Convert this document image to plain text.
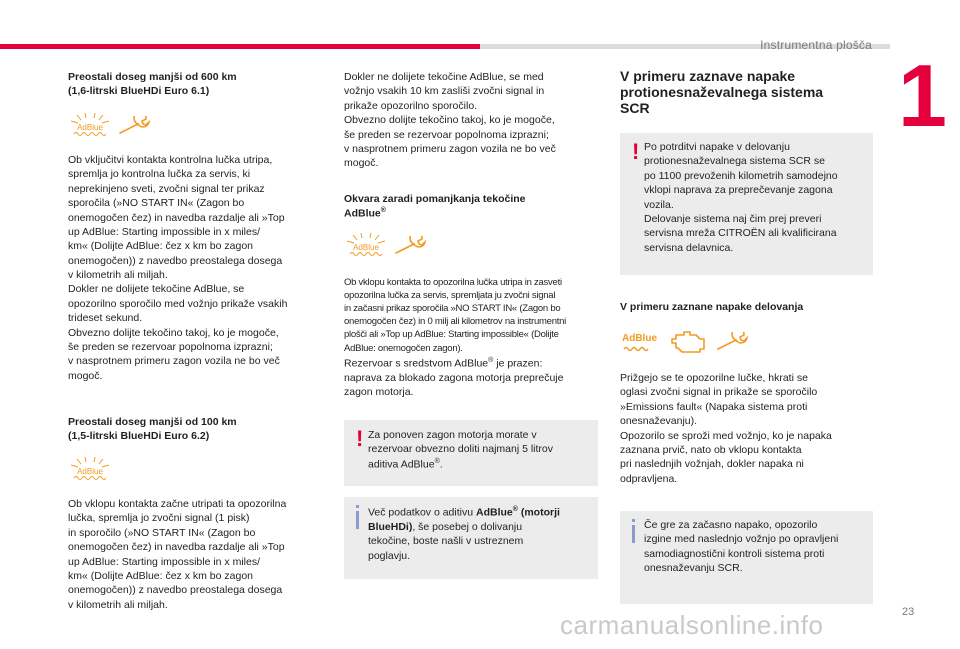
Instrumentna plošča
1
Preostali doseg manjši od 600 km
(1,6-litrski BlueHDi Euro 6.1)
AdBlue
Ob vključitvi kontakta kontrolna lučka utripa,
spremlja jo kontrolna lučka za servis, ki
neprekinjeno sveti, zvočni signal ter prikaz
sporočila (»NO START IN« (Zagon bo
onemogočen čez) in navedba razdalje ali »Top
up AdBlue: Starting impossible in x miles/
km« (Dolijte AdBlue: čez x km bo zagon
onemogočen)) z navedbo preostalega dosega
v kilometrih ali miljah.
Dokler ne dolijete tekočine AdBlue, se
opozorilno sporočilo med vožnjo prikaže vsakih
trideset sekund.
Obvezno dolijte tekočino takoj, ko je mogoče,
še preden se rezervoar popolnoma izprazni;
v nasprotnem primeru zagon vozila ne bo več
mogoč.
Preostali doseg manjši od 100 km
(1,5-litrski BlueHDi Euro 6.2)
AdBlue
Ob vklopu kontakta začne utripati ta opozorilna
lučka, spremlja jo zvočni signal (1 pisk)
in sporočilo (»NO START IN« (Zagon bo
onemogočen čez) in navedba razdalje ali »Top
up AdBlue: Starting impossible in x miles/
km« (Dolijte AdBlue: čez x km bo zagon
onemogočen)) z navedbo preostalega dosega
v kilometrih ali miljah.
Dokler ne dolijete tekočine AdBlue, se med
vožnjo vsakih 10 km zasliši zvočni signal in
prikaže opozorilno sporočilo.
Obvezno dolijte tekočino takoj, ko je mogoče,
še preden se rezervoar popolnoma izprazni;
v nasprotnem primeru zagon vozila ne bo več
mogoč.
Okvara zaradi pomanjkanja tekočine
AdBlue®
AdBlue
Ob vklopu kontakta to opozorilna lučka utripa in zasveti
opozorilna lučka za servis, spremljata ju zvočni signal
in začasni prikaz sporočila »NO START IN« (Zagon bo
onemogočen čez) in 0 milj ali kilometrov na instrumentni
plošči ali »Top up AdBlue: Starting impossible« (Dolijte
AdBlue: onemogočen zagon).
Rezervoar s sredstvom AdBlue® je prazen:
naprava za blokado zagona motorja preprečuje
zagon motorja.
! Za ponoven zagon motorja morate v
rezervoar obvezno doliti najmanj 5 litrov
aditiva AdBlue®.
Več podatkov o aditivu AdBlue® (motorji
BlueHDi), še posebej o dolivanju
tekočine, boste našli v ustreznem
poglavju.
V primeru zaznave napake
protionesnaževalnega sistema
SCR
! Po potrditvi napake v delovanju
protionesnaževalnega sistema SCR se
po 1100 prevoženih kilometrih samodejno
vklopi naprava za preprečevanje zagona
vozila.
Delovanje sistema naj čim prej preveri
servisna mreža CITROËN ali kvalificirana
servisna delavnica.
V primeru zaznane napake delovanja
AdBlue
Prižgejo se te opozorilne lučke, hkrati se
oglasi zvočni signal in prikaže se sporočilo
»Emissions fault« (Napaka sistema proti
onesnaževanju).
Opozorilo se sproži med vožnjo, ko je napaka
zaznana prvič, nato ob vklopu kontakta
pri naslednjih vožnjah, dokler napaka ni
odpravljena.
Če gre za začasno napako, opozorilo
izgine med naslednjo vožnjo po opravljeni
samodiagnostični kontroli sistema proti
onesnaževanju SCR.
23
carmanualsonline.info
